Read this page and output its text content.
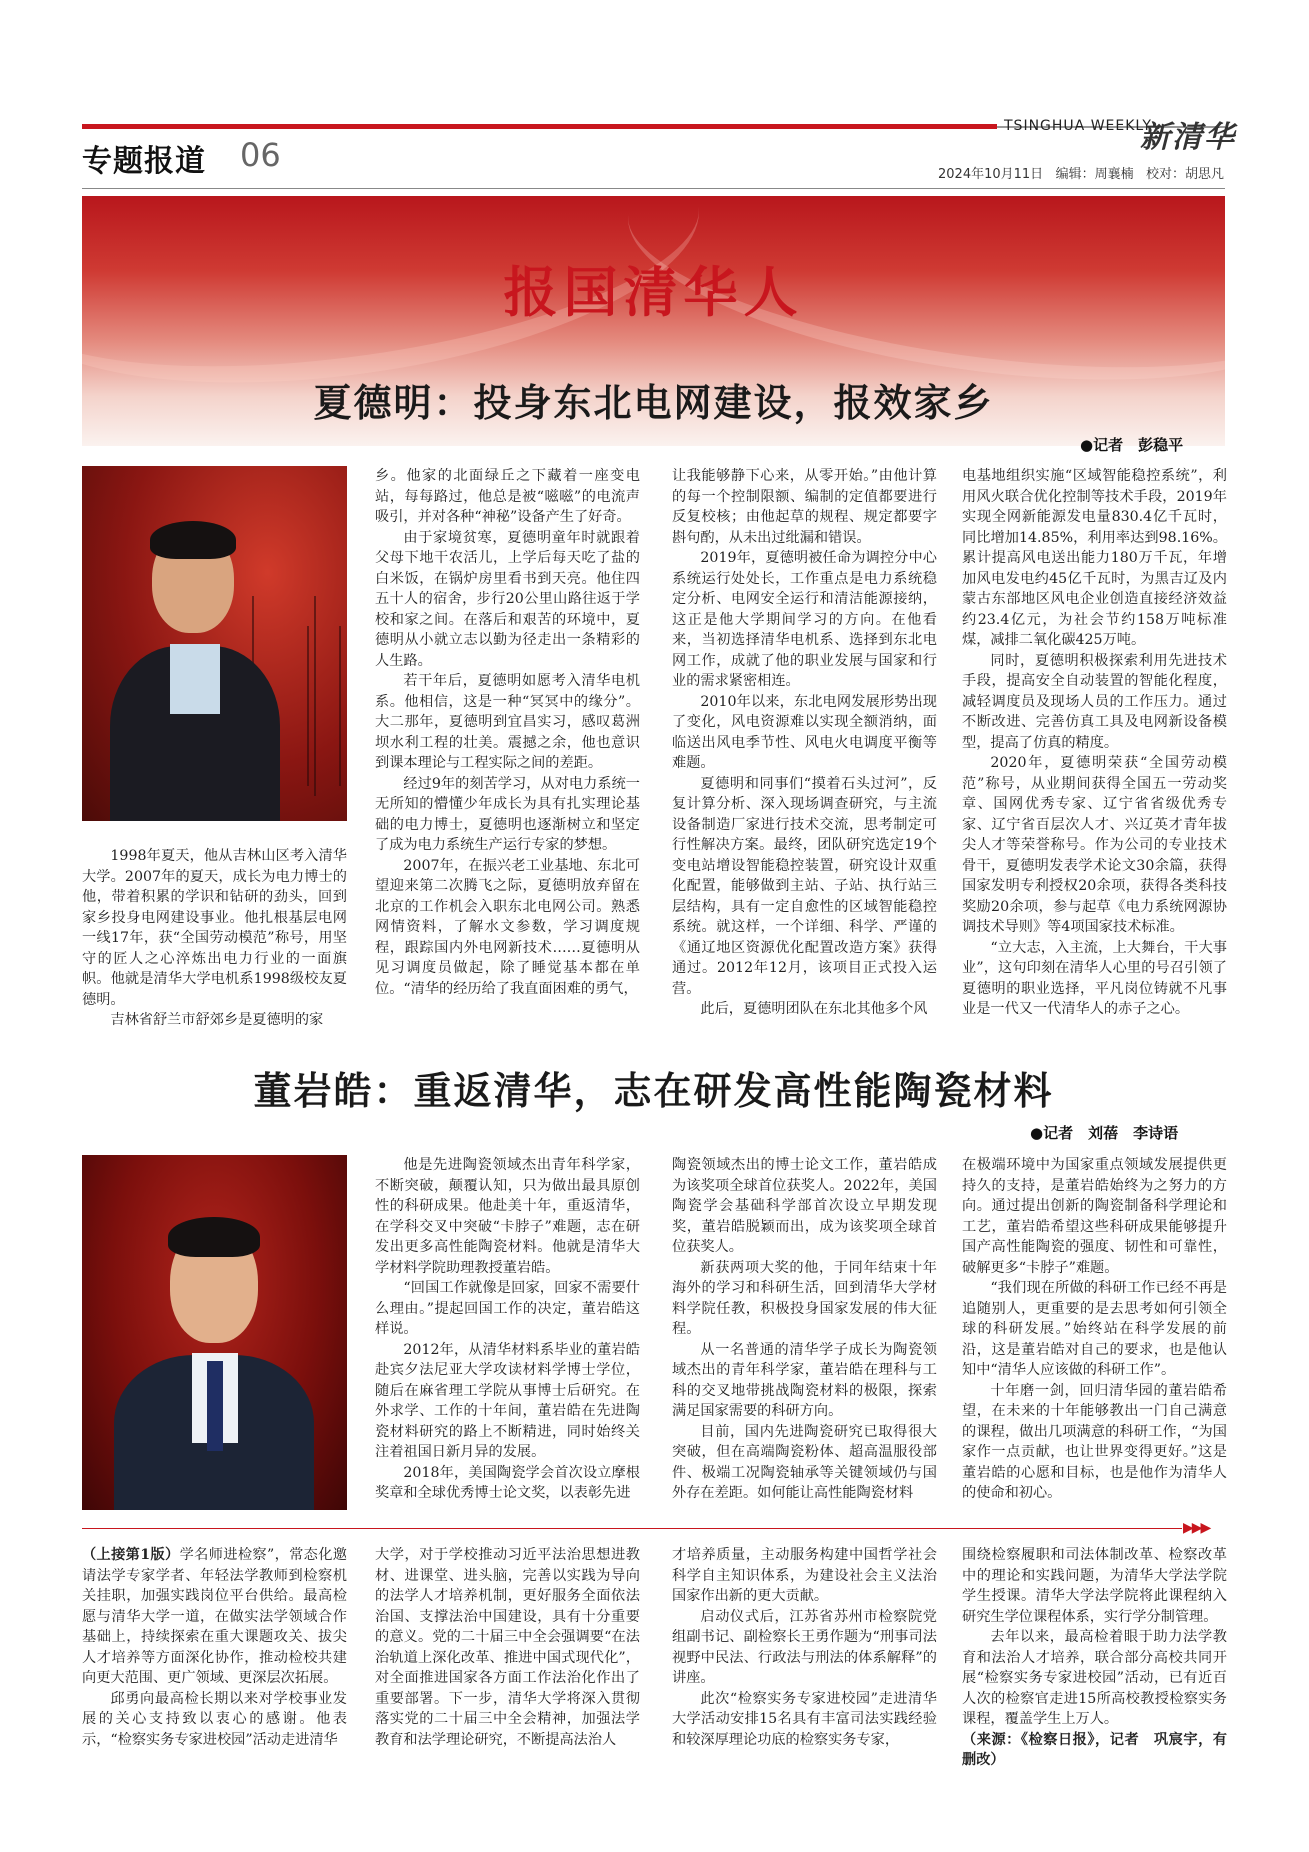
TSINGHUA WEEKLY
新清华
专题报道 06
2024年10月11日 编辑：周襄楠 校对：胡思凡
报国清华人
夏德明：投身东北电网建设，报效家乡
●记者　彭稳平

1998年夏天，他从吉林山区考入清华大学。2007年的夏天，成长为电力博士的他，带着积累的学识和钻研的劲头，回到家乡投身电网建设事业。他扎根基层电网一线17年，获“全国劳动模范”称号，用坚守的匠人之心淬炼出电力行业的一面旗帜。他就是清华大学电机系1998级校友夏德明。

吉林省舒兰市舒郊乡是夏德明的家

乡。他家的北面绿丘之下藏着一座变电站，每每路过，他总是被“嗞嗞”的电流声吸引，并对各种“神秘”设备产生了好奇。

由于家境贫寒，夏德明童年时就跟着父母下地干农活儿，上学后每天吃了盐的白米饭，在锅炉房里看书到天亮。他住四五十人的宿舍，步行20公里山路往返于学校和家之间。在落后和艰苦的环境中，夏德明从小就立志以勤为径走出一条精彩的人生路。

若干年后，夏德明如愿考入清华电机系。他相信，这是一种“冥冥中的缘分”。大二那年，夏德明到宜昌实习，感叹葛洲坝水利工程的壮美。震撼之余，他也意识到课本理论与工程实际之间的差距。

经过9年的刻苦学习，从对电力系统一无所知的懵懂少年成长为具有扎实理论基础的电力博士，夏德明也逐渐树立和坚定了成为电力系统生产运行专家的梦想。

2007年，在振兴老工业基地、东北可望迎来第二次腾飞之际，夏德明放弃留在北京的工作机会入职东北电网公司。熟悉网情资料，了解水文参数，学习调度规程，跟踪国内外电网新技术……夏德明从见习调度员做起，除了睡觉基本都在单位。“清华的经历给了我直面困难的勇气，

让我能够静下心来，从零开始。”由他计算的每一个控制限额、编制的定值都要进行反复校核；由他起草的规程、规定都要字斟句酌，从未出过纰漏和错误。

2019年，夏德明被任命为调控分中心系统运行处处长，工作重点是电力系统稳定分析、电网安全运行和清洁能源接纳，这正是他大学期间学习的方向。在他看来，当初选择清华电机系、选择到东北电网工作，成就了他的职业发展与国家和行业的需求紧密相连。

2010年以来，东北电网发展形势出现了变化，风电资源难以实现全额消纳，面临送出风电季节性、风电火电调度平衡等难题。

夏德明和同事们“摸着石头过河”，反复计算分析、深入现场调查研究，与主流设备制造厂家进行技术交流，思考制定可行性解决方案。最终，团队研究选定19个变电站增设智能稳控装置，研究设计双重化配置，能够做到主站、子站、执行站三层结构，具有一定自愈性的区域智能稳控系统。就这样，一个详细、科学、严谨的《通辽地区资源优化配置改造方案》获得通过。2012年12月，该项目正式投入运营。

此后，夏德明团队在东北其他多个风

电基地组织实施“区域智能稳控系统”，利用风火联合优化控制等技术手段，2019年实现全网新能源发电量830.4亿千瓦时，同比增加14.85%，利用率达到98.16%。累计提高风电送出能力180万千瓦，年增加风电发电约45亿千瓦时，为黑吉辽及内蒙古东部地区风电企业创造直接经济效益约23.4亿元，为社会节约158万吨标准煤，减排二氧化碳425万吨。

同时，夏德明积极探索利用先进技术手段，提高安全自动装置的智能化程度，减轻调度员及现场人员的工作压力。通过不断改进、完善仿真工具及电网新设备模型，提高了仿真的精度。

2020年，夏德明荣获“全国劳动模范”称号，从业期间获得全国五一劳动奖章、国网优秀专家、辽宁省省级优秀专家、辽宁省百层次人才、兴辽英才青年拔尖人才等荣誉称号。作为公司的专业技术骨干，夏德明发表学术论文30余篇，获得国家发明专利授权20余项，获得各类科技奖励20余项，参与起草《电力系统网源协调技术导则》等4项国家技术标准。

“立大志，入主流，上大舞台，干大事业”，这句印刻在清华人心里的号召引领了夏德明的职业选择，平凡岗位铸就不凡事业是一代又一代清华人的赤子之心。

董岩皓：重返清华，志在研发高性能陶瓷材料
●记者　刘蓓　李诗语

他是先进陶瓷领域杰出青年科学家，不断突破，颠覆认知，只为做出最具原创性的科研成果。他赴美十年，重返清华，在学科交叉中突破“卡脖子”难题，志在研发出更多高性能陶瓷材料。他就是清华大学材料学院助理教授董岩皓。

“回国工作就像是回家，回家不需要什么理由。”提起回国工作的决定，董岩皓这样说。

2012年，从清华材料系毕业的董岩皓赴宾夕法尼亚大学攻读材料学博士学位，随后在麻省理工学院从事博士后研究。在外求学、工作的十年间，董岩皓在先进陶瓷材料研究的路上不断精进，同时始终关注着祖国日新月异的发展。

2018年，美国陶瓷学会首次设立摩根奖章和全球优秀博士论文奖，以表彰先进

陶瓷领域杰出的博士论文工作，董岩皓成为该奖项全球首位获奖人。2022年，美国陶瓷学会基础科学部首次设立早期发现奖，董岩皓脱颖而出，成为该奖项全球首位获奖人。

新获两项大奖的他，于同年结束十年海外的学习和科研生活，回到清华大学材料学院任教，积极投身国家发展的伟大征程。

从一名普通的清华学子成长为陶瓷领域杰出的青年科学家，董岩皓在理科与工科的交叉地带挑战陶瓷材料的极限，探索满足国家需要的科研方向。

目前，国内先进陶瓷研究已取得很大突破，但在高端陶瓷粉体、超高温服役部件、极端工况陶瓷轴承等关键领域仍与国外存在差距。如何能让高性能陶瓷材料

在极端环境中为国家重点领域发展提供更持久的支持，是董岩皓始终为之努力的方向。通过提出创新的陶瓷制备科学理论和工艺，董岩皓希望这些科研成果能够提升国产高性能陶瓷的强度、韧性和可靠性，破解更多“卡脖子”难题。

“我们现在所做的科研工作已经不再是追随别人，更重要的是去思考如何引领全球的科研发展。”始终站在科学发展的前沿，这是董岩皓对自己的要求，也是他认知中“清华人应该做的科研工作”。

十年磨一剑，回归清华园的董岩皓希望，在未来的十年能够教出一门自己满意的课程，做出几项满意的科研工作，“为国家作一点贡献，也让世界变得更好。”这是董岩皓的心愿和目标，也是他作为清华人的使命和初心。

▶▶▶

（上接第1版）学名师进检察”，常态化邀请法学专家学者、年轻法学教师到检察机关挂职，加强实践岗位平台供给。最高检愿与清华大学一道，在做实法学领域合作基础上，持续探索在重大课题攻关、拔尖人才培养等方面深化协作，推动检校共建向更大范围、更广领域、更深层次拓展。

邱勇向最高检长期以来对学校事业发展的关心支持致以衷心的感谢。他表示，“检察实务专家进校园”活动走进清华

大学，对于学校推动习近平法治思想进教材、进课堂、进头脑，完善以实践为导向的法学人才培养机制，更好服务全面依法治国、支撑法治中国建设，具有十分重要的意义。党的二十届三中全会强调要“在法治轨道上深化改革、推进中国式现代化”，对全面推进国家各方面工作法治化作出了重要部署。下一步，清华大学将深入贯彻落实党的二十届三中全会精神，加强法学教育和法学理论研究，不断提高法治人

才培养质量，主动服务构建中国哲学社会科学自主知识体系，为建设社会主义法治国家作出新的更大贡献。

启动仪式后，江苏省苏州市检察院党组副书记、副检察长王勇作题为“刑事司法视野中民法、行政法与刑法的体系解释”的讲座。

此次“检察实务专家进校园”走进清华大学活动安排15名具有丰富司法实践经验和较深厚理论功底的检察实务专家，

围绕检察履职和司法体制改革、检察改革中的理论和实践问题，为清华大学法学院学生授课。清华大学法学院将此课程纳入研究生学位课程体系，实行学分制管理。

去年以来，最高检着眼于助力法学教育和法治人才培养，联合部分高校共同开展“检察实务专家进校园”活动，已有近百人次的检察官走进15所高校教授检察实务课程，覆盖学生上万人。

（来源：《检察日报》，记者　巩宸宇，有删改）
